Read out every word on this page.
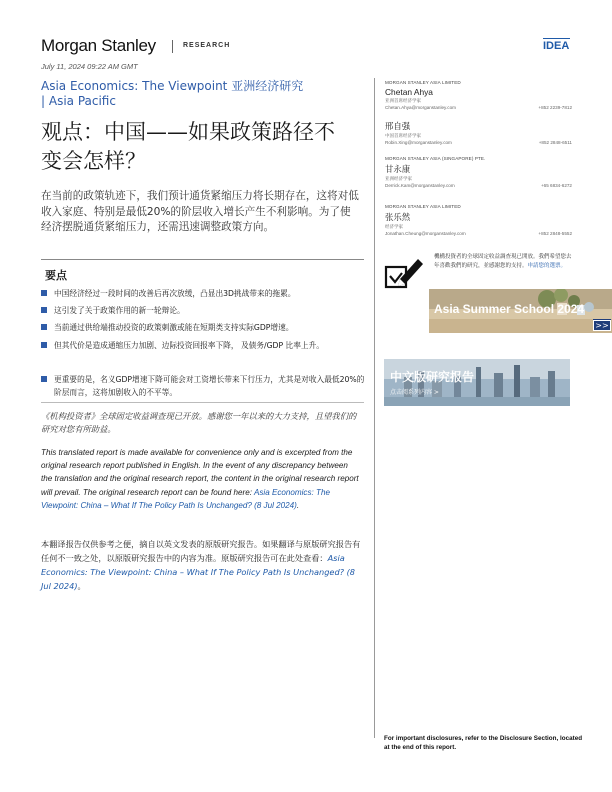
Morgan Stanley	RESEARCH	IDEA
July 11, 2024 09:22 AM GMT
Asia Economics: The Viewpoint 亚洲经济研究
| Asia Pacific
观点：中国——如果政策路径不变会怎样？

在当前的政策轨迹下，我们预计通货紧缩压力将长期存在，这将对低收入家庭、特别是最低20%的阶层收入增长产生不利影响。为了使经济摆脱通货紧缩压力，还需迅速调整政策方向。

要点
中国经济经过一段时间的改善后再次放缓，凸显出3D挑战带来的拖累。
这引发了关于政策作用的新一轮辩论。
当前通过供给端推动投资的政策刺激或能在短期类支持实际GDP增速。
但其代价是造成通缩压力加剧、边际投资回报率下降， 及债务/GDP 比率上升。
更重要的是，名义GDP增速下降可能会对工资增长带来下行压力，尤其是对收入最低20%的阶层而言，这将加剧收入的不平等。

《机构投资者》全球固定收益调查现已开放。感谢您一年以来的大力支持，且望我们的研究对您有所助益。

This translated report is made available for convenience only and is excerpted from the original research report published in English. In the event of any discrepancy between the translation and the original research report, the content in the original research report will prevail. The original research report can be found here: Asia Economics: The Viewpoint: China – What If The Policy Path Is Unchanged? (8 Jul 2024).

本翻译报告仅供参考之便，摘自以英文发表的原版研究报告。如果翻译与原版研究报告有任何不一致之处，以原版研究报告中的内容为准。原版研究报告可在此处查看：Asia Economics: The Viewpoint: China – What If The Policy Path Is Unchanged? (8 Jul 2024)。

MORGAN STANLEY ASIA LIMITED
Chetan Ahya
亚洲首席经济学家
Chetan.Ahya@morganstanley.com	+852 2239-7812
邢自强
中国首席经济学家
Robin.Xing@morganstanley.com	+852 2848-6511
MORGAN STANLEY ASIA (SINGAPORE) PTE.
甘永康
亚洲经济学家
Derrick.Kam@morganstanley.com	+65 6834-6272
MORGAN STANLEY ASIA LIMITED
张乐然
经济学家
Jonathan.Cheung@morganstanley.com	+852 2848-5552

機構投資者的全球固定收益調查現已開放。我們希望您去年喜歡我們的研究，並感謝您的支持。申請您的選票。

Asia Summer School 2024
>>
中文版研究报告
点击阅系列内容 >

For important disclosures, refer to the Disclosure Section, located at the end of this report.
